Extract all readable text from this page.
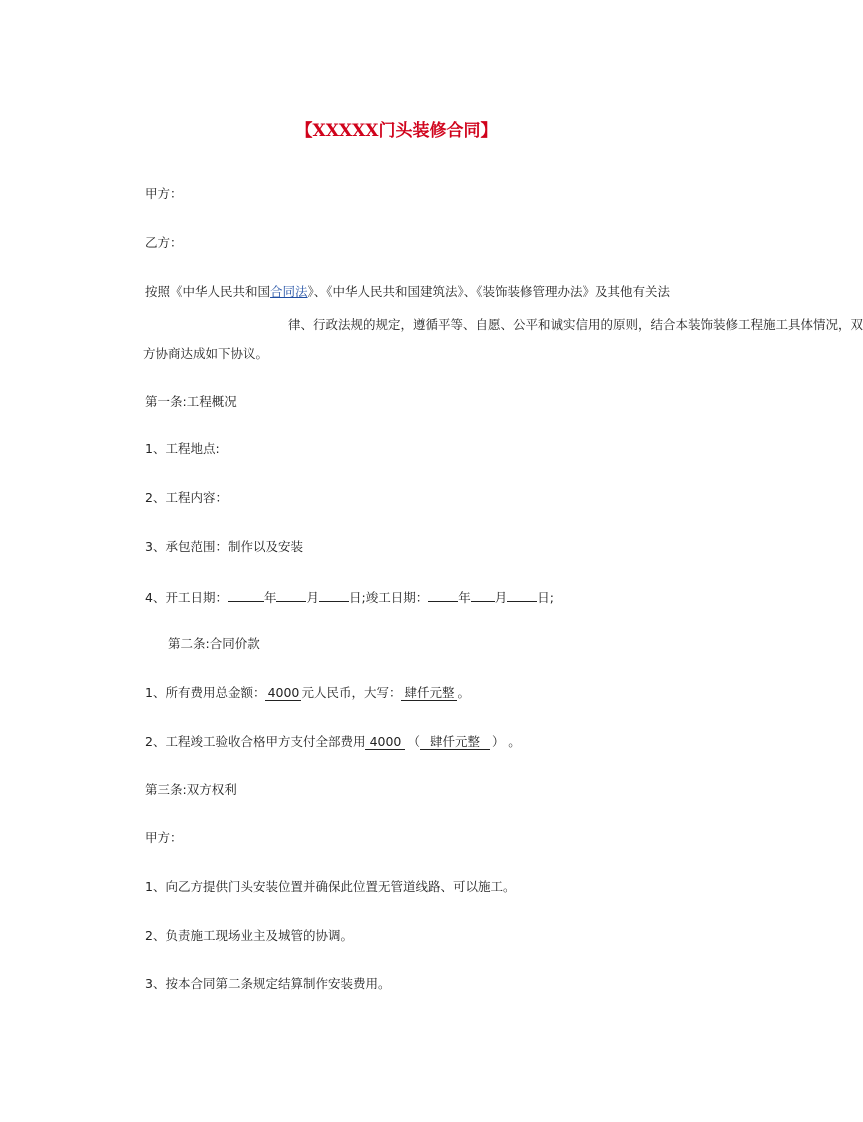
【XXXXX门头装修合同】
甲方：
乙方：
按照《中华人民共和国合同法》、《中华人民共和国建筑法》、《装饰装修管理办法》及其他有关法
律、行政法规的规定，遵循平等、自愿、公平和诚实信用的原则，结合本装饰装修工程施工具体情况，双
方协商达成如下协议。
第一条:工程概况
1、工程地点:
2、工程内容：
3、承包范围：制作以及安装
4、开工日期：	年 月 日;竣工日期： 年 月 日;
第二条:合同价款
1、所有费用总金额： 4000 元人民币，大写： 肆仟元整 。
2、工程竣工验收合格甲方支付全部费用 4000 （ 肆仟元整 ） 。
第三条:双方权利
甲方：
1、向乙方提供门头安装位置并确保此位置无管道线路、可以施工。
2、负责施工现场业主及城管的协调。
3、按本合同第二条规定结算制作安装费用。
